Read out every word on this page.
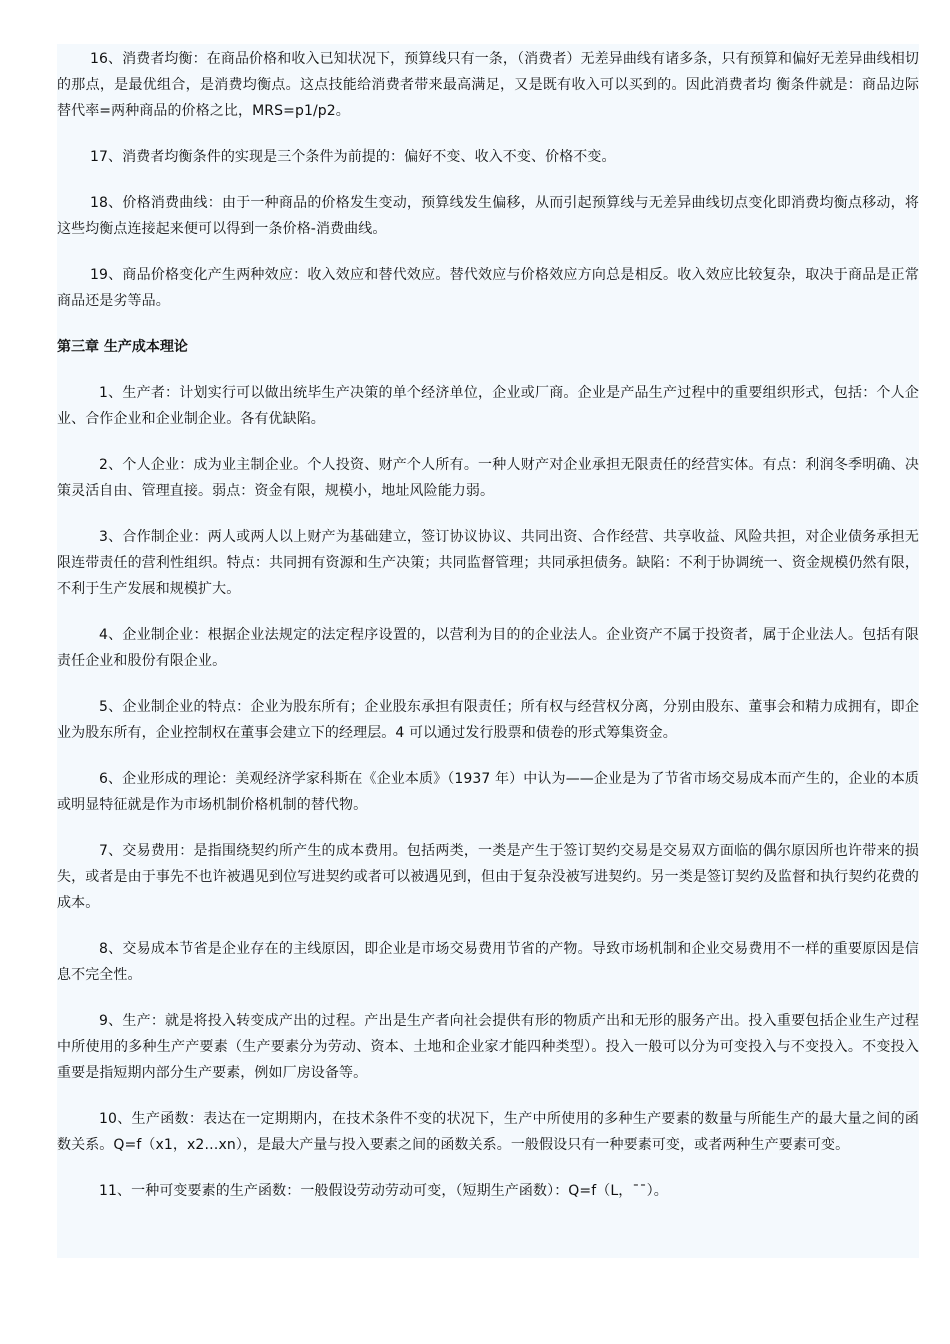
16、消费者均衡：在商品价格和收入已知状况下，预算线只有一条，（消费者）无差异曲线有诸多条，只有预算和偏好无差异曲线相切的那点，是最优组合，是消费均衡点。这点技能给消费者带来最高满足，又是既有收入可以买到的。因此消费者均 衡条件就是：商品边际替代率=两种商品的价格之比，MRS=p1/p2。

17、消费者均衡条件的实现是三个条件为前提的：偏好不变、收入不变、价格不变。

18、价格消费曲线：由于一种商品的价格发生变动，预算线发生偏移，从而引起预算线与无差异曲线切点变化即消费均衡点移动，将这些均衡点连接起来便可以得到一条价格-消费曲线。

19、商品价格变化产生两种效应：收入效应和替代效应。替代效应与价格效应方向总是相反。收入效应比较复杂，取决于商品是正常商品还是劣等品。

第三章 生产成本理论

1、生产者：计划实行可以做出统毕生产决策的单个经济单位，企业或厂商。企业是产品生产过程中的重要组织形式，包括：个人企业、合作企业和企业制企业。各有优缺陷。

2、个人企业：成为业主制企业。个人投资、财产个人所有。一种人财产对企业承担无限责任的经营实体。有点：利润冬季明确、决策灵活自由、管理直接。弱点：资金有限，规模小，地址风险能力弱。

3、合作制企业：两人或两人以上财产为基础建立，签订协议协议、共同出资、合作经营、共享收益、风险共担，对企业债务承担无限连带责任的营利性组织。特点：共同拥有资源和生产决策；共同监督管理；共同承担债务。缺陷：不利于协调统一、资金规模仍然有限，不利于生产发展和规模扩大。

4、企业制企业：根据企业法规定的法定程序设置的，以营利为目的的企业法人。企业资产不属于投资者，属于企业法人。包括有限责任企业和股份有限企业。

5、企业制企业的特点：企业为股东所有；企业股东承担有限责任；所有权与经营权分离，分别由股东、董事会和精力成拥有，即企业为股东所有，企业控制权在董事会建立下的经理层。4 可以通过发行股票和债卷的形式筹集资金。

6、企业形成的理论：美观经济学家科斯在《企业本质》（1937 年）中认为——企业是为了节省市场交易成本而产生的，企业的本质或明显特征就是作为市场机制价格机制的替代物。

7、交易费用：是指围绕契约所产生的成本费用。包括两类，一类是产生于签订契约交易是交易双方面临的偶尔原因所也许带来的损失，或者是由于事先不也许被遇见到位写进契约或者可以被遇见到，但由于复杂没被写进契约。另一类是签订契约及监督和执行契约花费的成本。

8、交易成本节省是企业存在的主线原因，即企业是市场交易费用节省的产物。导致市场机制和企业交易费用不一样的重要原因是信息不完全性。

9、生产：就是将投入转变成产出的过程。产出是生产者向社会提供有形的物质产出和无形的服务产出。投入重要包括企业生产过程中所使用的多种生产产要素（生产要素分为劳动、资本、土地和企业家才能四种类型）。投入一般可以分为可变投入与不变投入。不变投入重要是指短期内部分生产要素，例如厂房设备等。

10、生产函数：表达在一定期期内，在技术条件不变的状况下，生产中所使用的多种生产要素的数量与所能生产的最大量之间的函数关系。Q=f（x1，x2…xn），是最大产量与投入要素之间的函数关系。一般假设只有一种要素可变，或者两种生产要素可变。

11、一种可变要素的生产函数：一般假设劳动劳动可变，（短期生产函数）：Q=f（L，¯¯）。
